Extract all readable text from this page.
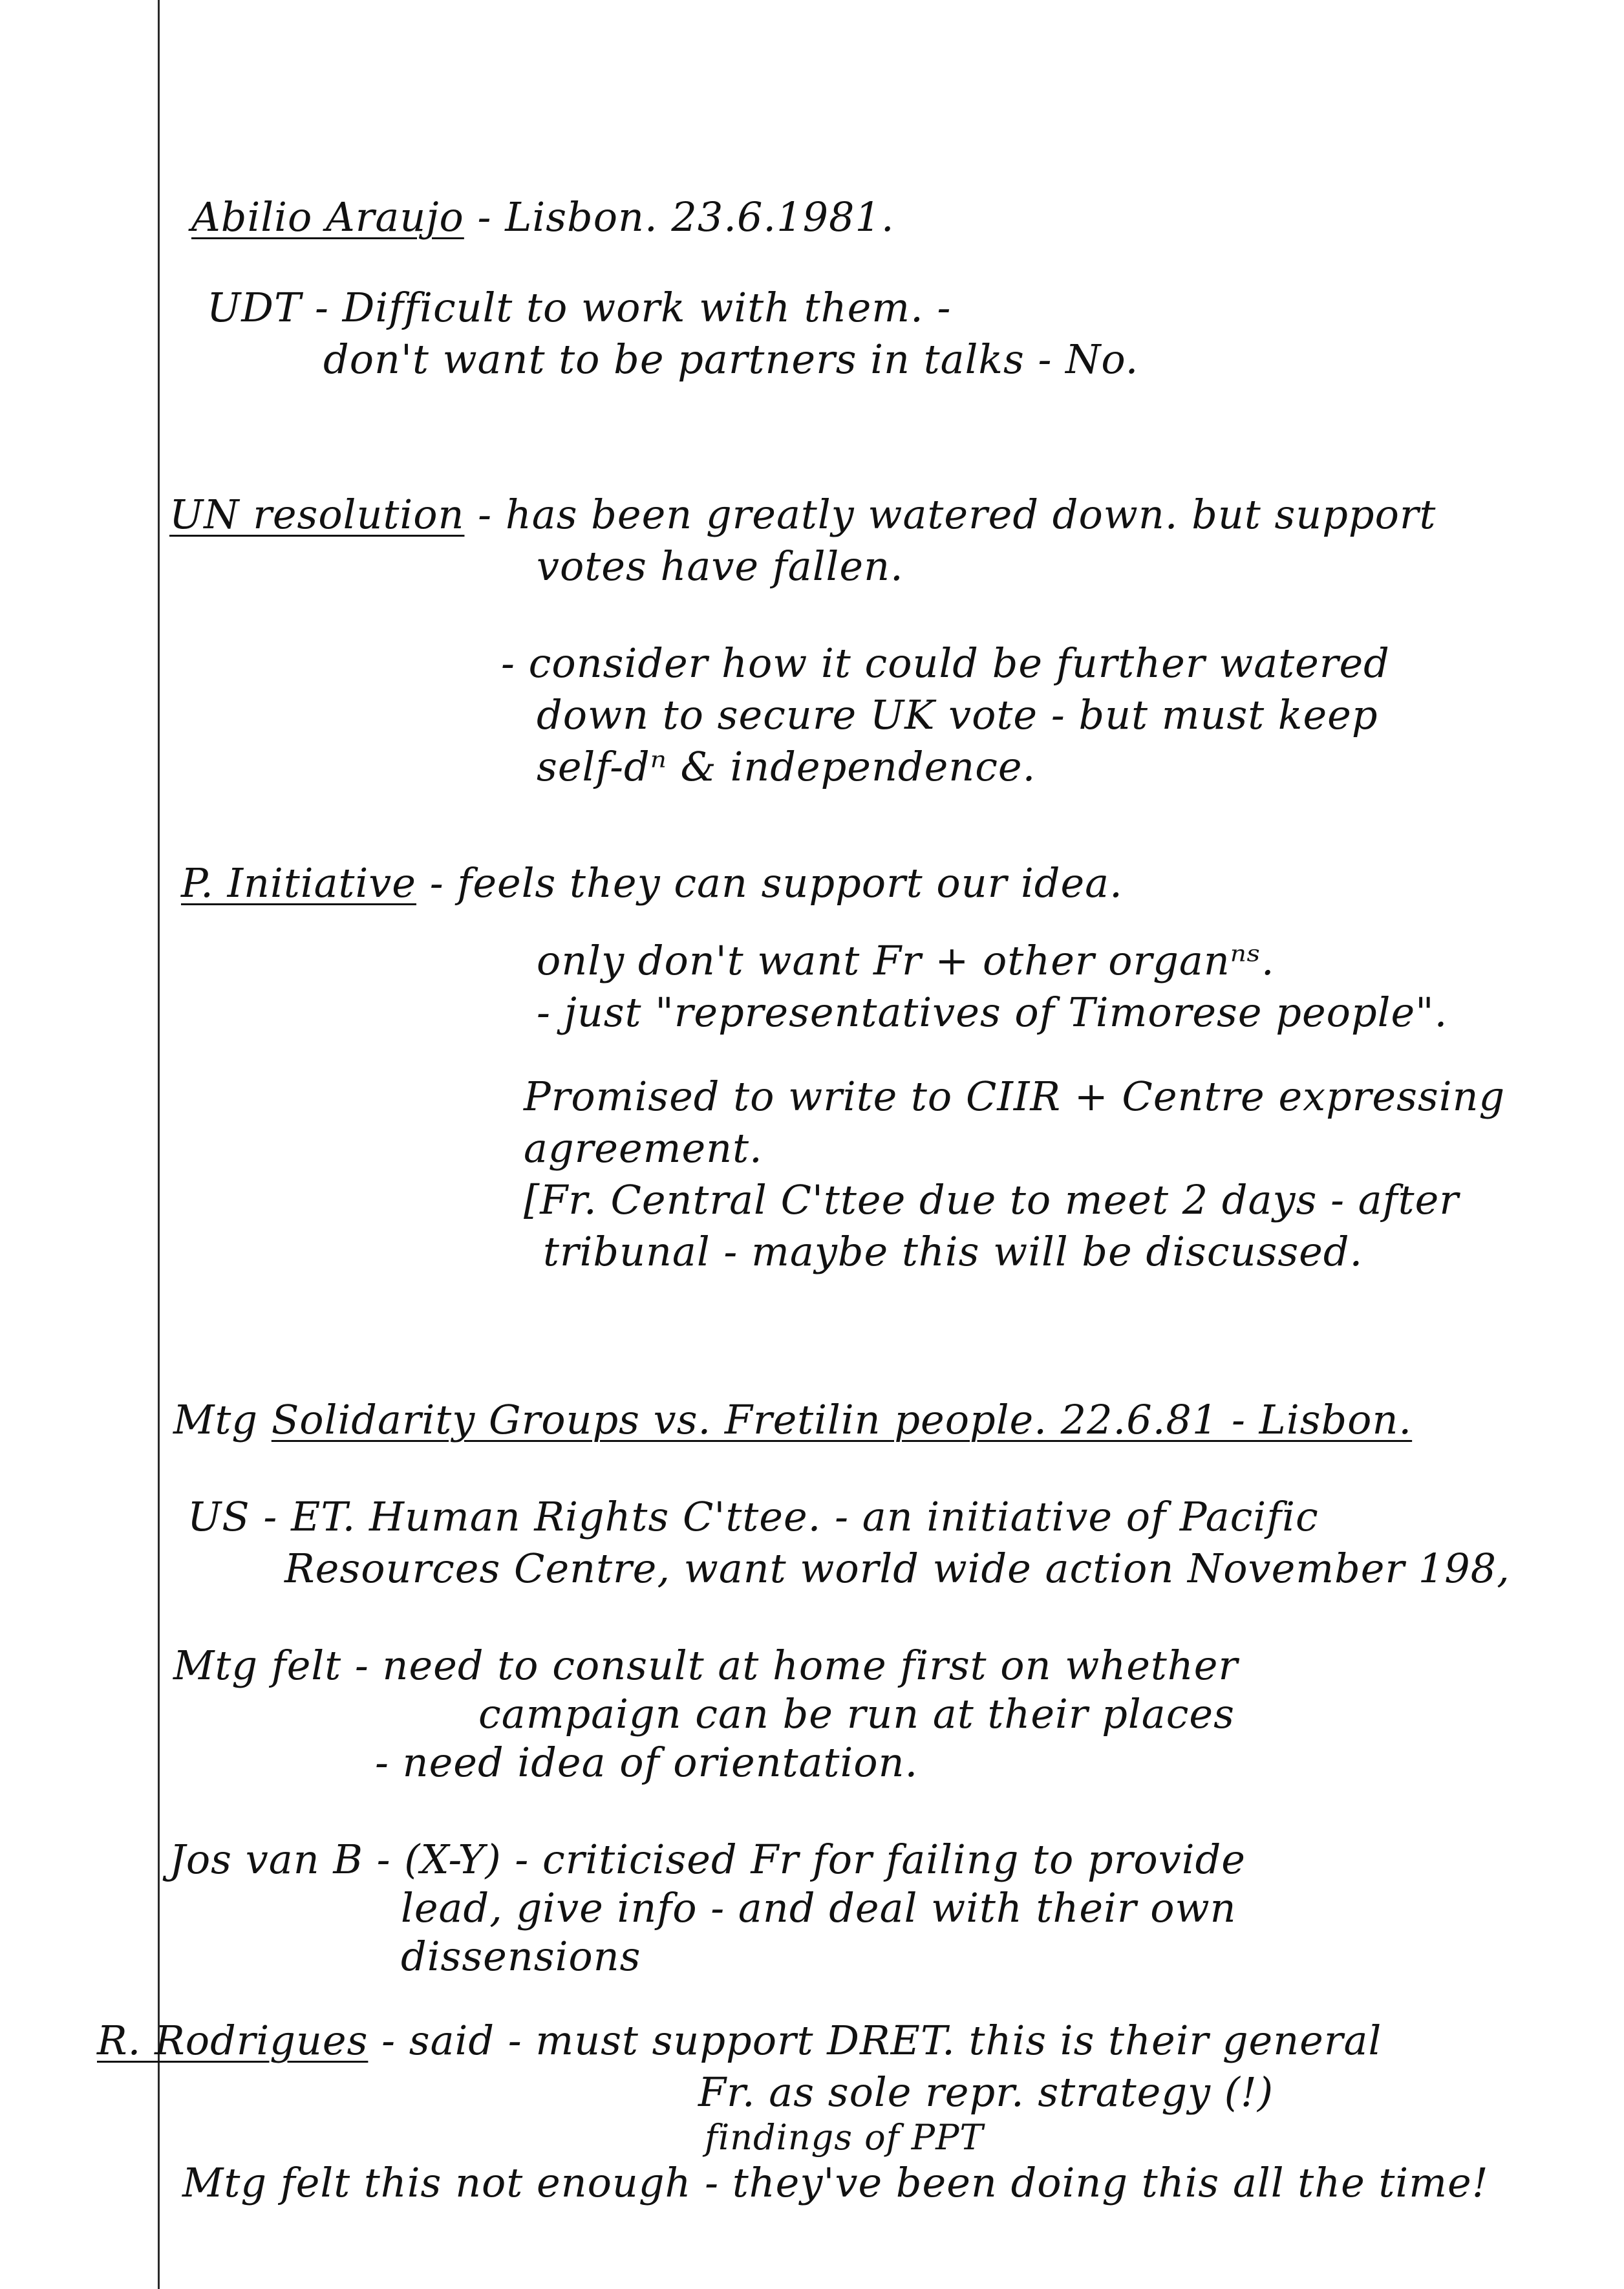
Abilio Araujo - Lisbon. 23.6.1981.
UDT - Difficult to work with them. -
don't want to be partners in talks - No.
UN resolution - has been greatly watered down. but support
votes have fallen.
- consider how it could be further watered
down to secure UK vote - but must keep
self-dⁿ & independence.
P. Initiative - feels they can support our idea.
only don't want Fr + other organⁿˢ.
- just "representatives of Timorese people".
Promised to write to CIIR + Centre expressing
agreement.
[Fr. Central C'ttee due to meet 2 days - after
tribunal - maybe this will be discussed.
Mtg Solidarity Groups vs. Fretilin people. 22.6.81 - Lisbon.
US - ET. Human Rights C'ttee. - an initiative of Pacific
Resources Centre, want world wide action November 198,
Mtg felt - need to consult at home first on whether
campaign can be run at their places
- need idea of orientation.
Jos van B - (X-Y) - criticised Fr for failing to provide
lead, give info - and deal with their own
dissensions
R. Rodrigues - said - must support DRET. this is their general
Fr. as sole repr. strategy (!)
findings of PPT
Mtg felt this not enough - they've been doing this all the time!
